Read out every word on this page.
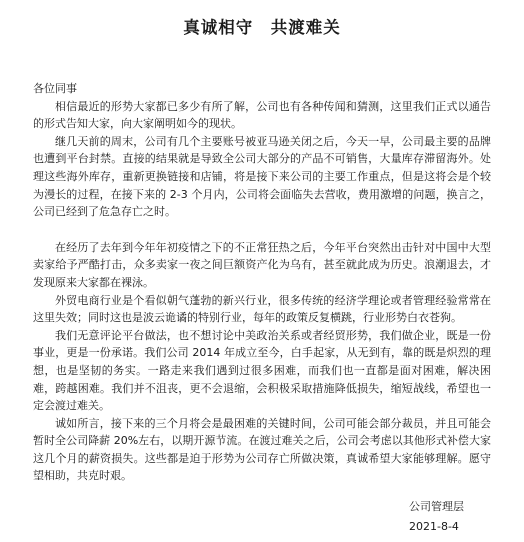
真诚相守　共渡难关

各位同事

相信最近的形势大家都已多少有所了解，公司也有各种传闻和猜测，这里我们正式以通告的形式告知大家，向大家阐明如今的现状。

继几天前的周末，公司有几个主要账号被亚马逊关闭之后，今天一早，公司最主要的品牌也遭到平台封禁。直接的结果就是导致全公司大部分的产品不可销售，大量库存滞留海外。处理这些海外库存，重新更换链接和店铺，将是接下来公司的主要工作重点，但是这将会是个较为漫长的过程，在接下来的 2-3 个月内，公司将会面临失去营收，费用激增的问题，换言之，公司已经到了危急存亡之时。

在经历了去年到今年年初疫情之下的不正常狂热之后，今年平台突然出击针对中国中大型卖家给予严酷打击，众多卖家一夜之间巨额资产化为乌有，甚至就此成为历史。浪潮退去，才发现原来大家都在裸泳。

外贸电商行业是个看似朝气蓬勃的新兴行业，很多传统的经济学理论或者管理经验常常在这里失效；同时这也是波云诡谲的特别行业，每年的政策反复横跳，行业形势白衣苍狗。

我们无意评论平台做法，也不想讨论中美政治关系或者经贸形势，我们做企业，既是一份事业，更是一份承诺。我们公司 2014 年成立至今，白手起家，从无到有，靠的既是炽烈的理想，也是坚韧的务实。一路走来我们遇到过很多困难，而我们也一直都是面对困难，解决困难，跨越困难。我们并不沮丧，更不会退缩，会积极采取措施降低损失，缩短战线，希望也一定会渡过难关。

诚如所言，接下来的三个月将会是最困难的关键时间，公司可能会部分裁员，并且可能会暂时全公司降薪 20%左右，以期开源节流。在渡过难关之后，公司会考虑以其他形式补偿大家这几个月的薪资损失。这些都是迫于形势为公司存亡所做决策，真诚希望大家能够理解。愿守望相助，共克时艰。

公司管理层
2021-8-4
